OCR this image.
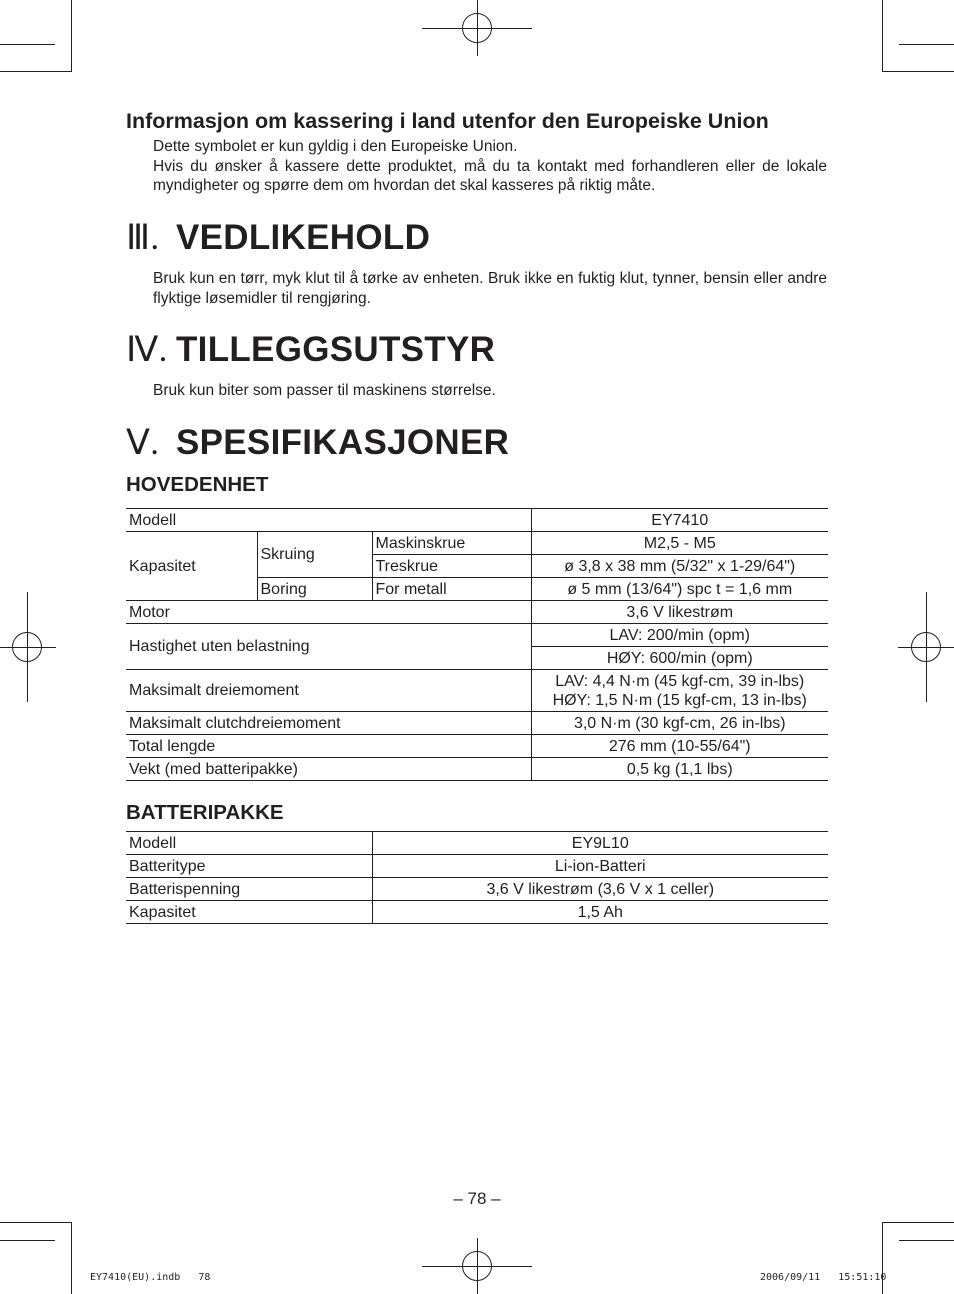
Informasjon om kassering i land utenfor den Europeiske Union
Dette symbolet er kun gyldig i den Europeiske Union.
Hvis du ønsker å kassere dette produktet, må du ta kontakt med forhandleren eller de lokale myndigheter og spørre dem om hvordan det skal kasseres på riktig måte.
Ⅲ. VEDLIKEHOLD
Bruk kun en tørr, myk klut til å tørke av enheten. Bruk ikke en fuktig klut, tynner, bensin eller andre flyktige løsemidler til rengjøring.
Ⅳ. TILLEGGSUTSTYR
Bruk kun biter som passer til maskinens størrelse.
Ⅴ. SPESIFIKASJONER
HOVEDENHET
Modell			EY7410
Kapasitet	Skruing	Maskinskrue	M2,5 - M5
		Treskrue	ø 3,8 x 38 mm (5/32" x 1-29/64")
	Boring	For metall	ø 5 mm (13/64") spc t = 1,6 mm
Motor			3,6 V likestrøm
Hastighet uten belastning			LAV: 200/min (opm)
			HØY: 600/min (opm)
Maksimalt dreiemoment			LAV: 4,4 N·m (45 kgf-cm, 39 in-lbs)
HØY: 1,5 N·m (15 kgf-cm, 13 in-lbs)

Maksimalt clutchdreiemoment			3,0 N·m (30 kgf-cm, 26 in-lbs)
Total lengde			276 mm (10-55/64")
Vekt (med batteripakke)			0,5 kg (1,1 lbs)
BATTERIPAKKE
Modell	EY9L10
Batteritype	Li-ion-Batteri
Batterispenning	3,6 V likestrøm (3,6 V x 1 celler)
Kapasitet	1,5 Ah
– 78 –
EY7410(EU).indb   78	2006/09/11   15:51:10
